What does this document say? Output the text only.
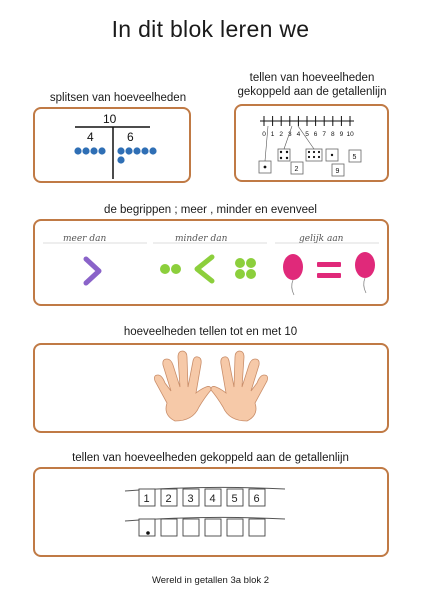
In dit blok leren we
splitsen van hoeveelheden
10
4	6
tellen van hoeveelheden
gekoppeld aan de getallenlijn
0 1 2 3 4 5 6 7 8 9 10
2	9
5
de begrippen ; meer , minder en evenveel
meer dan	minder dan	gelijk aan
hoeveelheden tellen tot en met 10
tellen van hoeveelheden gekoppeld aan de getallenlijn
1 2 3 4 5 6
Wereld in getallen 3a blok 2
